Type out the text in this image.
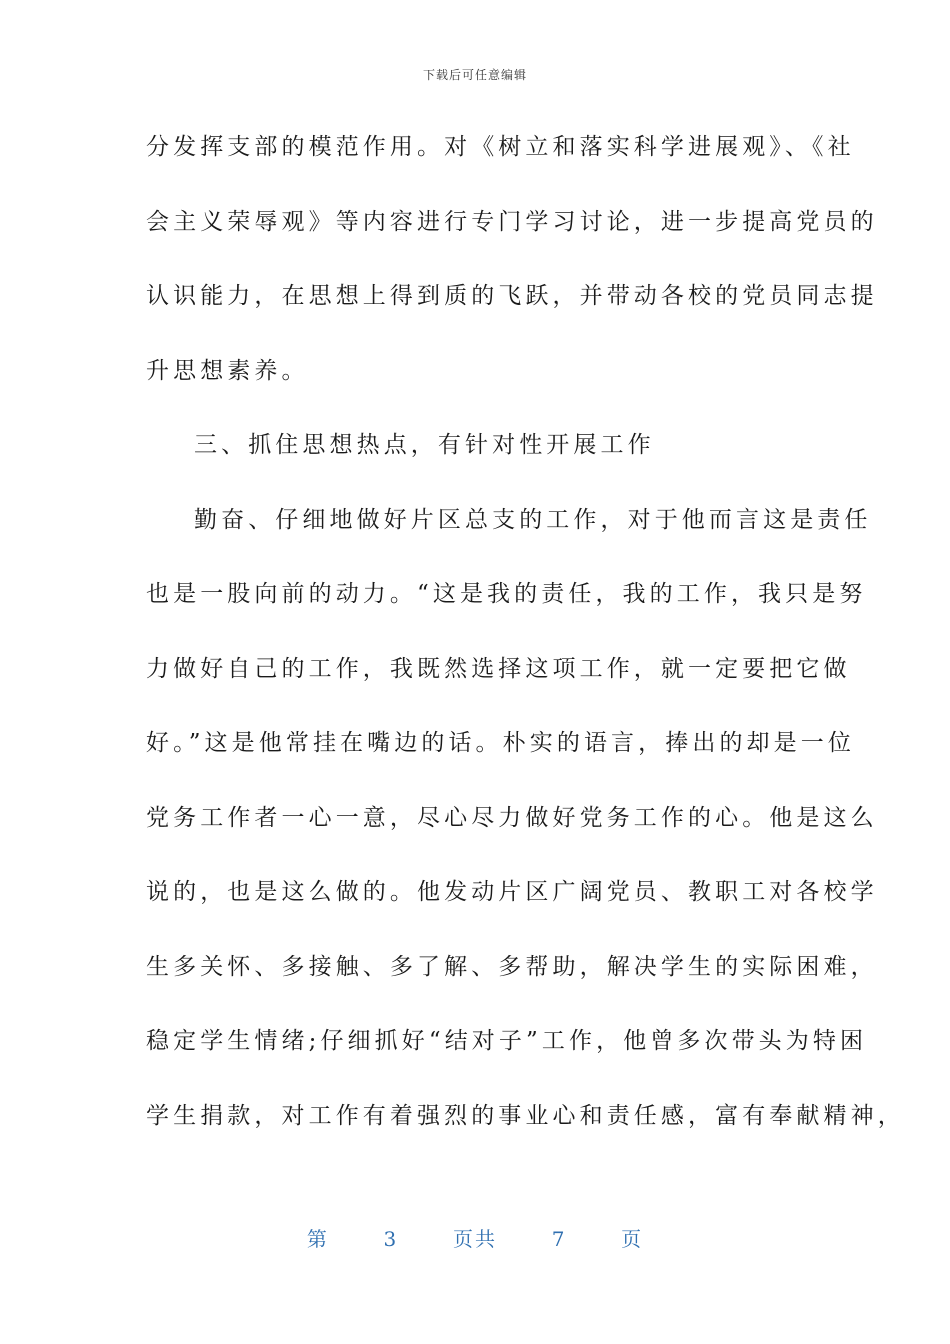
下载后可任意编辑
分发挥支部的模范作用。对《树立和落实科学进展观》、《社
会主义荣辱观》等内容进行专门学习讨论，进一步提高党员的
认识能力，在思想上得到质的飞跃，并带动各校的党员同志提
升思想素养。
三、抓住思想热点，有针对性开展工作
勤奋、仔细地做好片区总支的工作，对于他而言这是责任
也是一股向前的动力。“这是我的责任，我的工作，我只是努
力做好自己的工作，我既然选择这项工作，就一定要把它做
好。”这是他常挂在嘴边的话。朴实的语言，捧出的却是一位
党务工作者一心一意，尽心尽力做好党务工作的心。他是这么
说的，也是这么做的。他发动片区广阔党员、教职工对各校学
生多关怀、多接触、多了解、多帮助，解决学生的实际困难，
稳定学生情绪;仔细抓好“结对子”工作，他曾多次带头为特困
学生捐款，对工作有着强烈的事业心和责任感，富有奉献精神，
第	3	页共	7	页
